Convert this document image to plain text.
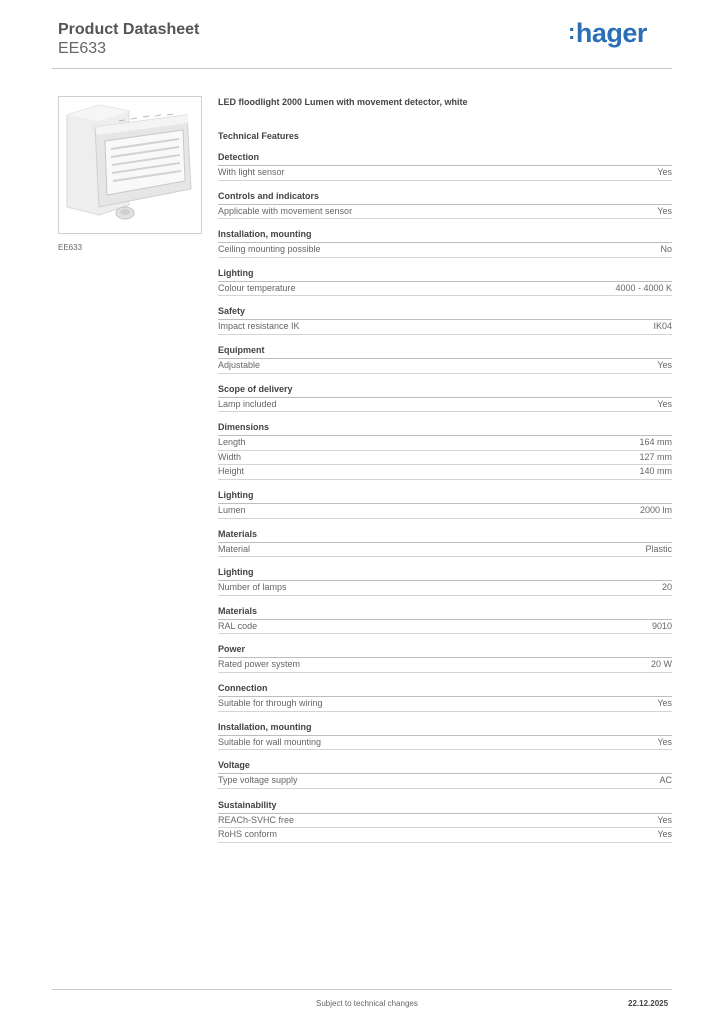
Product Datasheet
EE633
:hager
EE633
LED floodlight 2000 Lumen with movement detector, white
Technical Features
Detection
With light sensor	Yes
Controls and indicators
Applicable with movement sensor	Yes
Installation, mounting
Ceiling mounting possible	No
Lighting
Colour temperature	4000 - 4000 K
Safety
Impact resistance IK	IK04
Equipment
Adjustable	Yes
Scope of delivery
Lamp included	Yes
Dimensions
Length	164 mm
Width	127 mm
Height	140 mm
Lighting
Lumen	2000 lm
Materials
Material	Plastic
Lighting
Number of lamps	20
Materials
RAL code	9010
Power
Rated power system	20 W
Connection
Suitable for through wiring	Yes
Installation, mounting
Suitable for wall mounting	Yes
Voltage
Type voltage supply	AC
Sustainability
REACh-SVHC free	Yes
RoHS conform	Yes
Subject to technical changes	22.12.2025
